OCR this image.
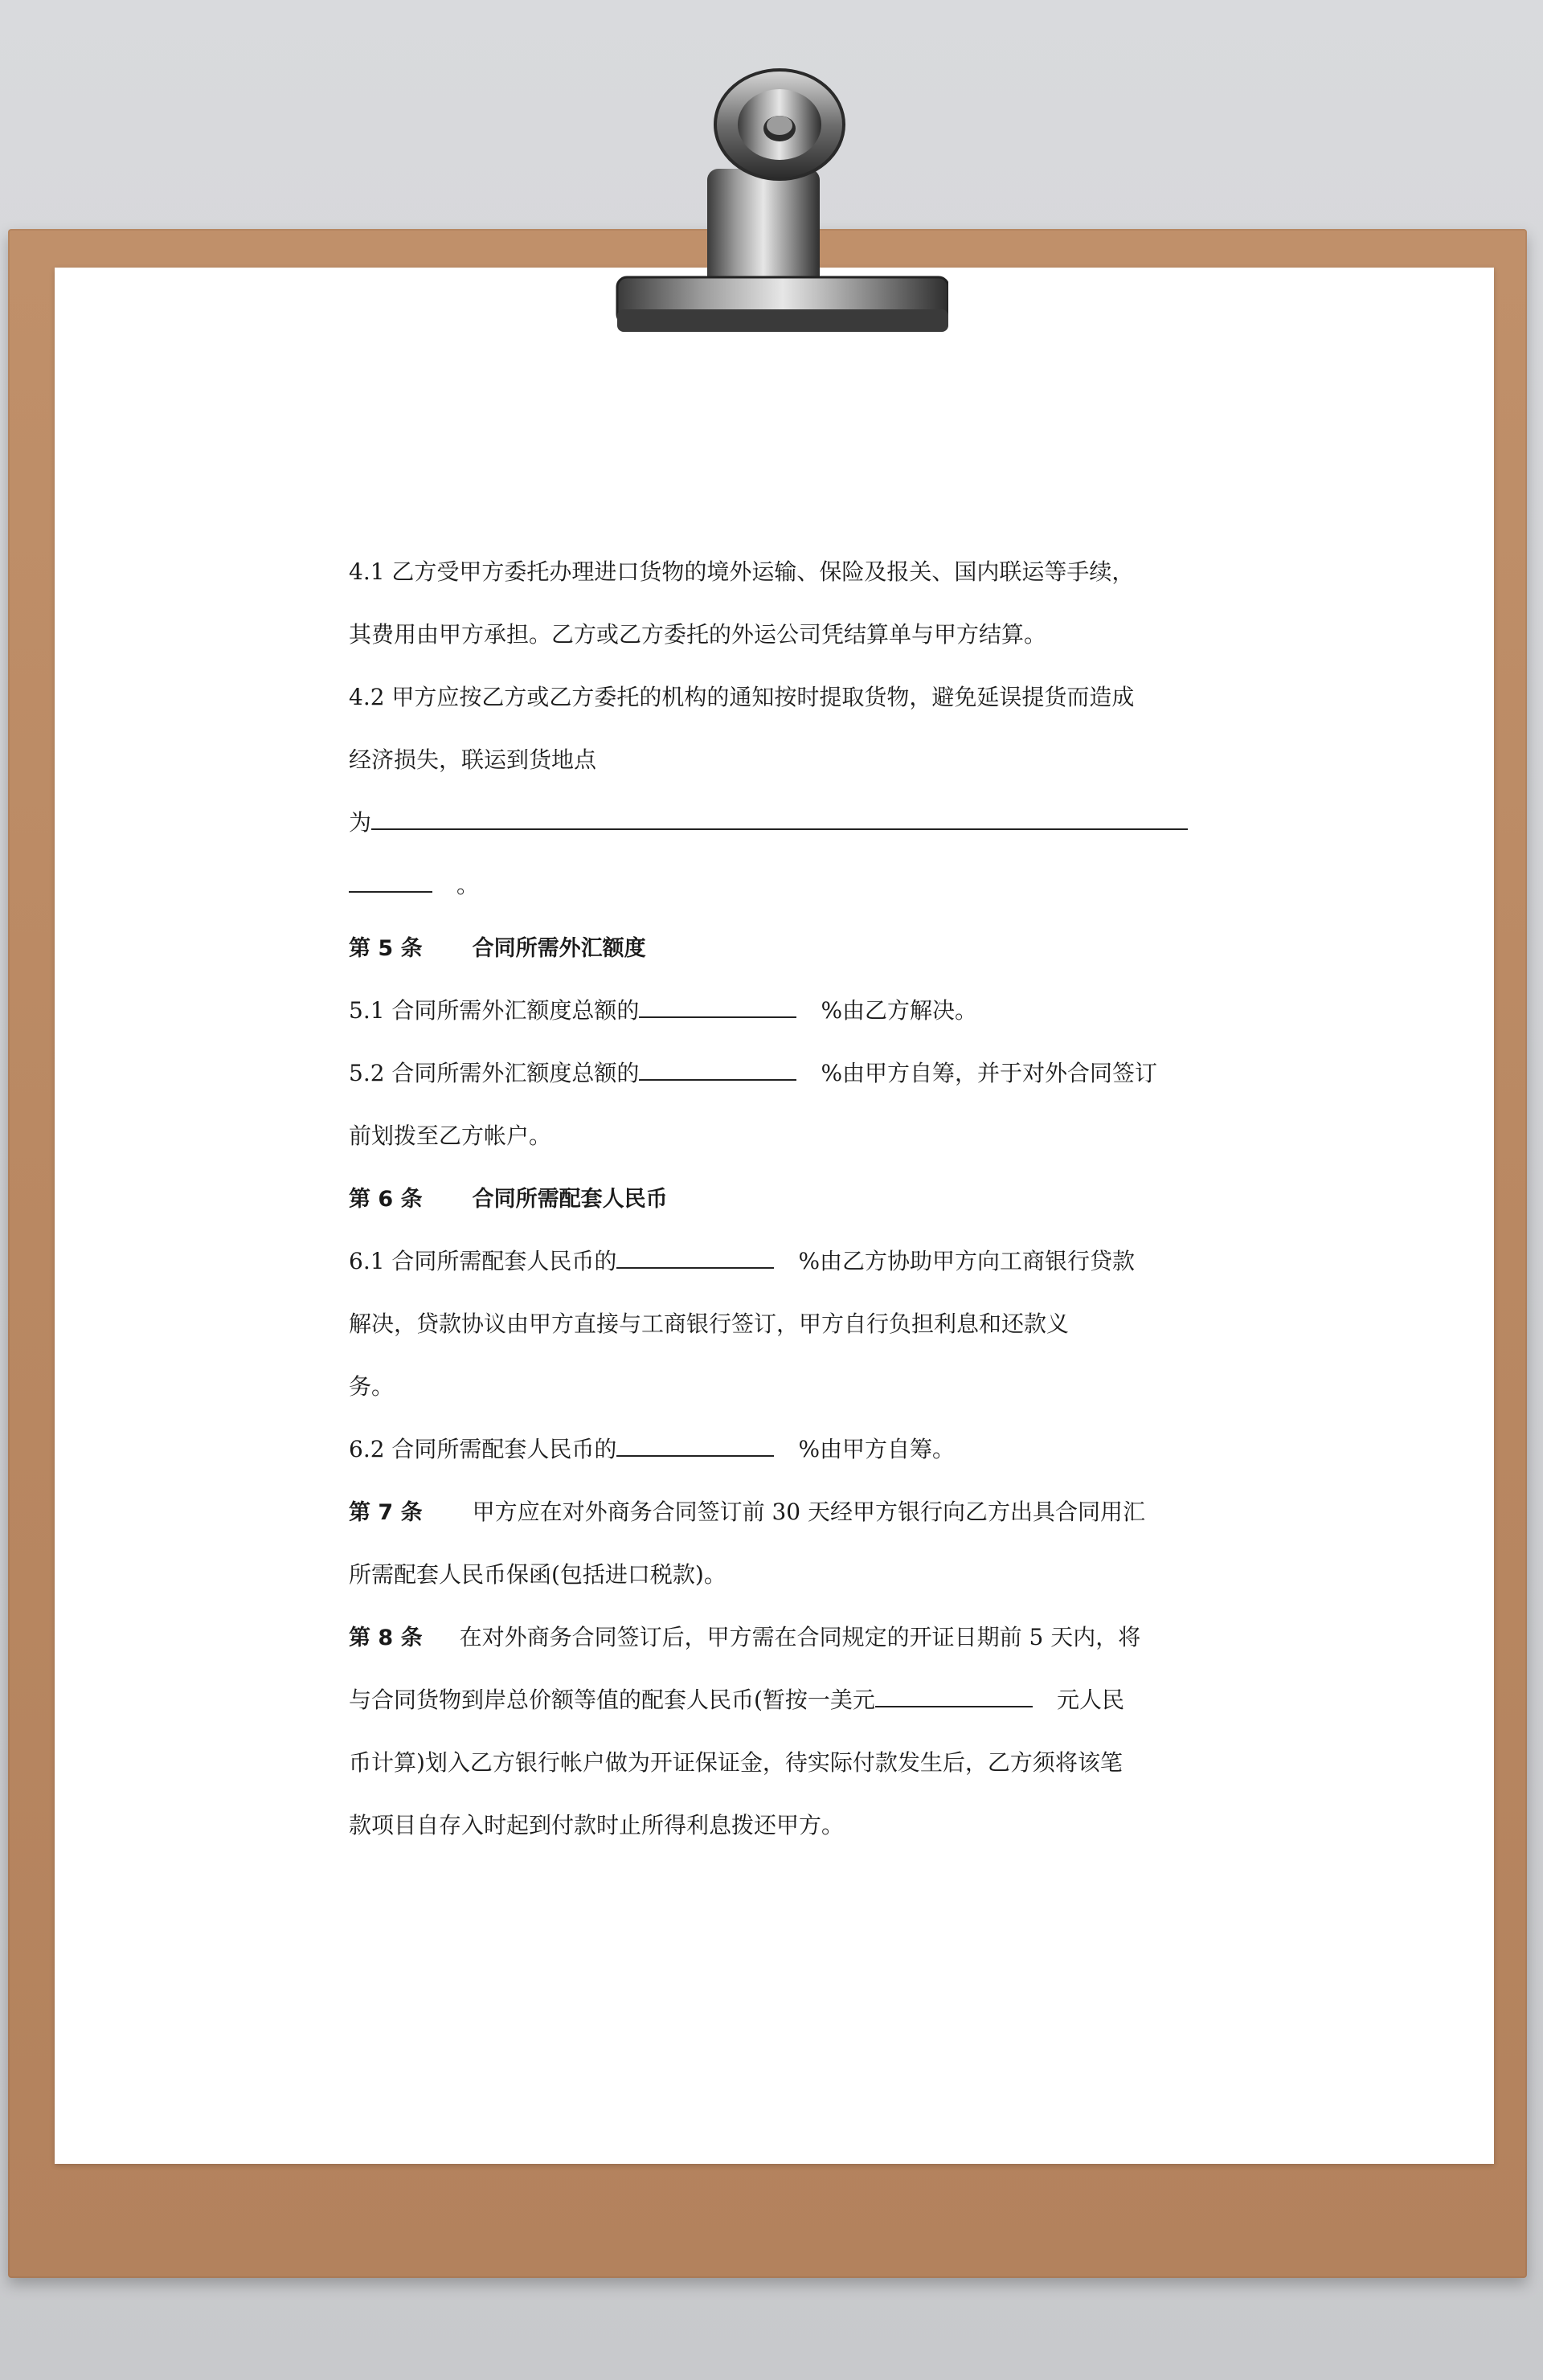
4.1 乙方受甲方委托办理进口货物的境外运输、保险及报关、国内联运等手续，
其费用由甲方承担。乙方或乙方委托的外运公司凭结算单与甲方结算。
4.2 甲方应按乙方或乙方委托的机构的通知按时提取货物，避免延误提货而造成
经济损失，联运到货地点
为
。
第 5 条 合同所需外汇额度
5.1 合同所需外汇额度总额的	%由乙方解决。
5.2 合同所需外汇额度总额的	%由甲方自筹，并于对外合同签订
前划拨至乙方帐户。
第 6 条 合同所需配套人民币
6.1 合同所需配套人民币的	%由乙方协助甲方向工商银行贷款
解决，贷款协议由甲方直接与工商银行签订，甲方自行负担利息和还款义
务。
6.2 合同所需配套人民币的	%由甲方自筹。
第 7 条 甲方应在对外商务合同签订前 30 天经甲方银行向乙方出具合同用汇
所需配套人民币保函(包括进口税款)。
第 8 条 在对外商务合同签订后，甲方需在合同规定的开证日期前 5 天内，将
与合同货物到岸总价额等值的配套人民币(暂按一美元	元人民
币计算)划入乙方银行帐户做为开证保证金，待实际付款发生后，乙方须将该笔
款项目自存入时起到付款时止所得利息拨还甲方。
